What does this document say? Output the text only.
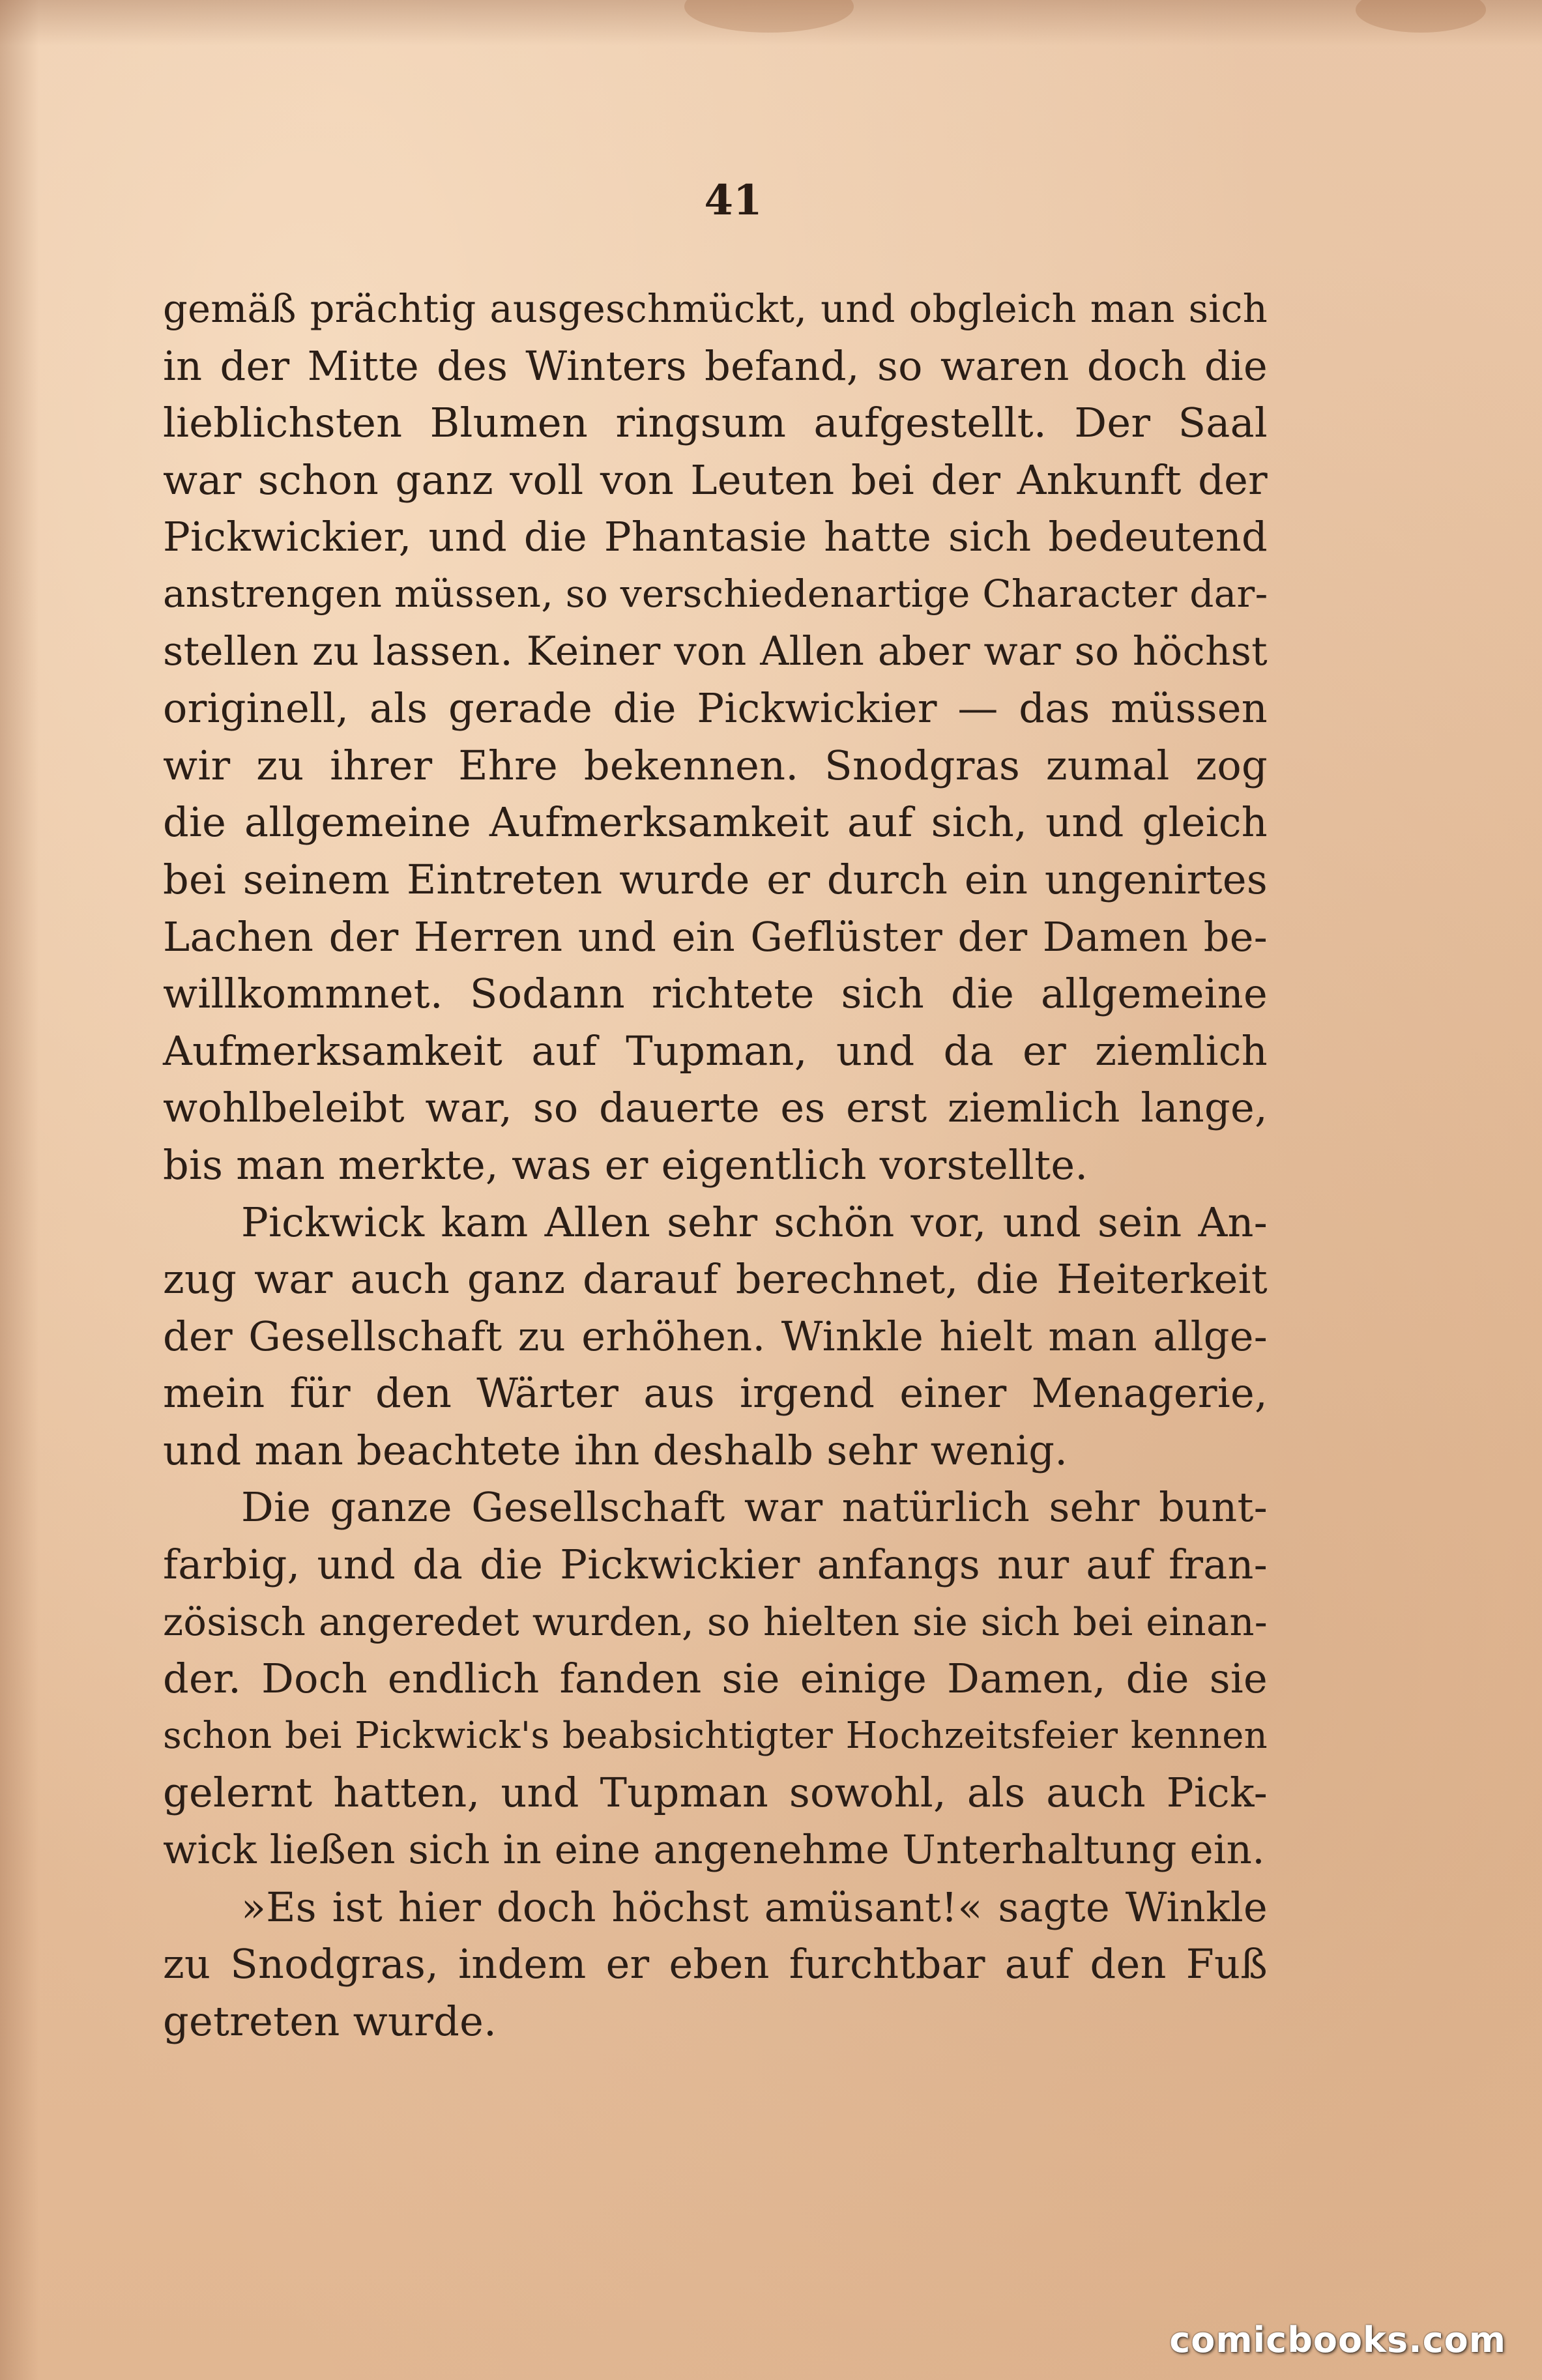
41
gemäß prächtig ausgeschmückt, und obgleich man sich
in der Mitte des Winters befand, so waren doch die
lieblichsten Blumen ringsum aufgestellt. Der Saal
war schon ganz voll von Leuten bei der Ankunft der
Pickwickier, und die Phantasie hatte sich bedeutend
anstrengen müssen, so verschiedenartige Character dar-
stellen zu lassen. Keiner von Allen aber war so höchst
originell, als gerade die Pickwickier — das müssen
wir zu ihrer Ehre bekennen. Snodgras zumal zog
die allgemeine Aufmerksamkeit auf sich, und gleich
bei seinem Eintreten wurde er durch ein ungenirtes
Lachen der Herren und ein Geflüster der Damen be-
willkommnet. Sodann richtete sich die allgemeine
Aufmerksamkeit auf Tupman, und da er ziemlich
wohlbeleibt war, so dauerte es erst ziemlich lange,
bis man merkte, was er eigentlich vorstellte.
Pickwick kam Allen sehr schön vor, und sein An-
zug war auch ganz darauf berechnet, die Heiterkeit
der Gesellschaft zu erhöhen. Winkle hielt man allge-
mein für den Wärter aus irgend einer Menagerie,
und man beachtete ihn deshalb sehr wenig.
Die ganze Gesellschaft war natürlich sehr bunt-
farbig, und da die Pickwickier anfangs nur auf fran-
zösisch angeredet wurden, so hielten sie sich bei einan-
der. Doch endlich fanden sie einige Damen, die sie
schon bei Pickwick's beabsichtigter Hochzeitsfeier kennen
gelernt hatten, und Tupman sowohl, als auch Pick-
wick ließen sich in eine angenehme Unterhaltung ein.
»Es ist hier doch höchst amüsant!« sagte Winkle
zu Snodgras, indem er eben furchtbar auf den Fuß
getreten wurde.
comicbooks.com
